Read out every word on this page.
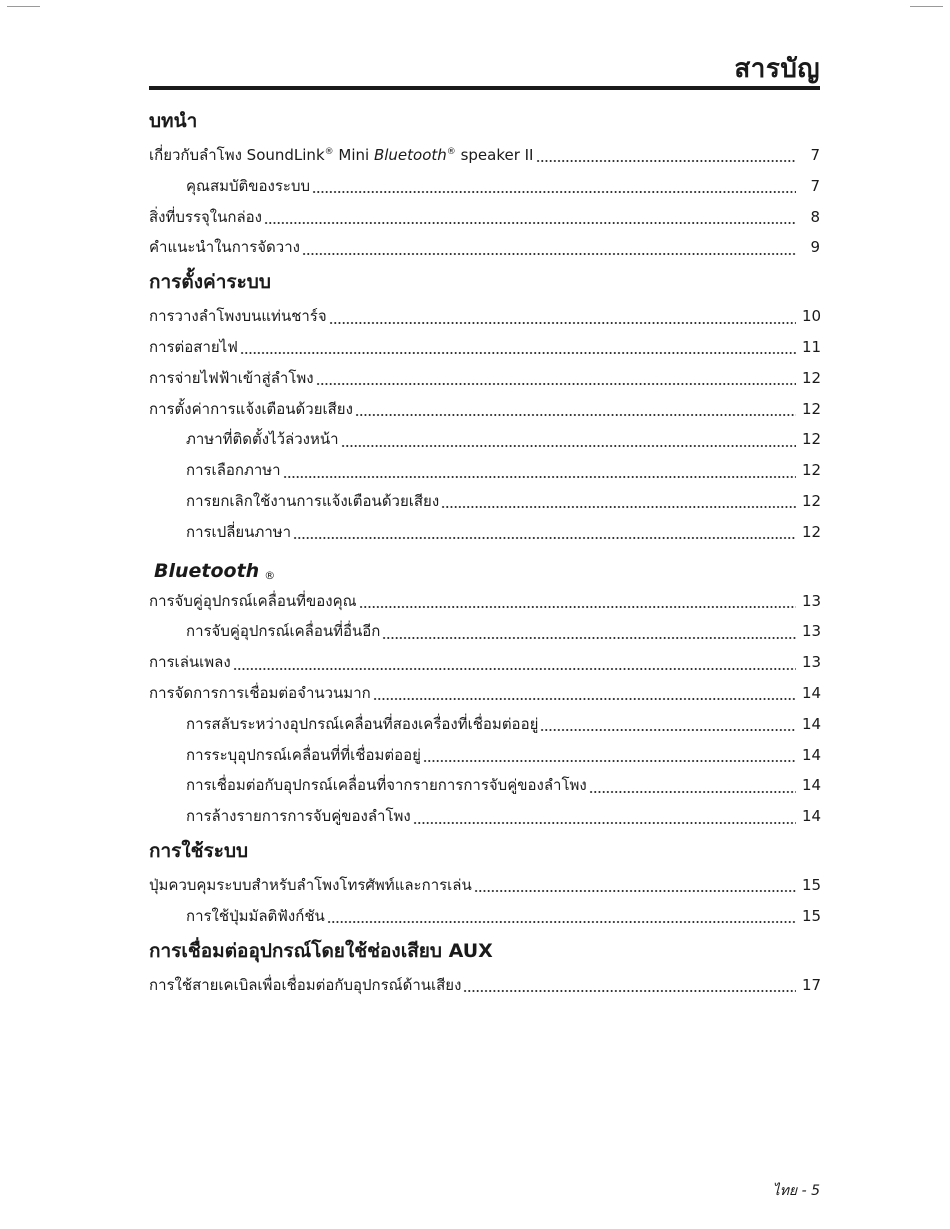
สารบัญ
บทนำ
เกี่ยวกับลำโพง SoundLink® Mini Bluetooth® speaker II	7
คุณสมบัติของระบบ	7
สิ่งที่บรรจุในกล่อง	8
คำแนะนำในการจัดวาง	9
การตั้งค่าระบบ
การวางลำโพงบนแท่นชาร์จ	10
การต่อสายไฟ	11
การจ่ายไฟฟ้าเข้าสู่ลำโพง	12
การตั้งค่าการแจ้งเตือนด้วยเสียง	12
ภาษาที่ติดตั้งไว้ล่วงหน้า	12
การเลือกภาษา	12
การยกเลิกใช้งานการแจ้งเตือนด้วยเสียง	12
การเปลี่ยนภาษา	12
Bluetooth ®
การจับคู่อุปกรณ์เคลื่อนที่ของคุณ	13
การจับคู่อุปกรณ์เคลื่อนที่อื่นอีก	13
การเล่นเพลง	13
การจัดการการเชื่อมต่อจำนวนมาก	14
การสลับระหว่างอุปกรณ์เคลื่อนที่สองเครื่องที่เชื่อมต่ออยู่	14
การระบุอุปกรณ์เคลื่อนที่ที่เชื่อมต่ออยู่	14
การเชื่อมต่อกับอุปกรณ์เคลื่อนที่จากรายการการจับคู่ของลำโพง	14
การล้างรายการการจับคู่ของลำโพง	14
การใช้ระบบ
ปุ่มควบคุมระบบสำหรับลำโพงโทรศัพท์และการเล่น	15
การใช้ปุ่มมัลติฟังก์ชัน	15
การเชื่อมต่ออุปกรณ์โดยใช้ช่องเสียบ AUX
การใช้สายเคเบิลเพื่อเชื่อมต่อกับอุปกรณ์ด้านเสียง	17
ไทย - 5
